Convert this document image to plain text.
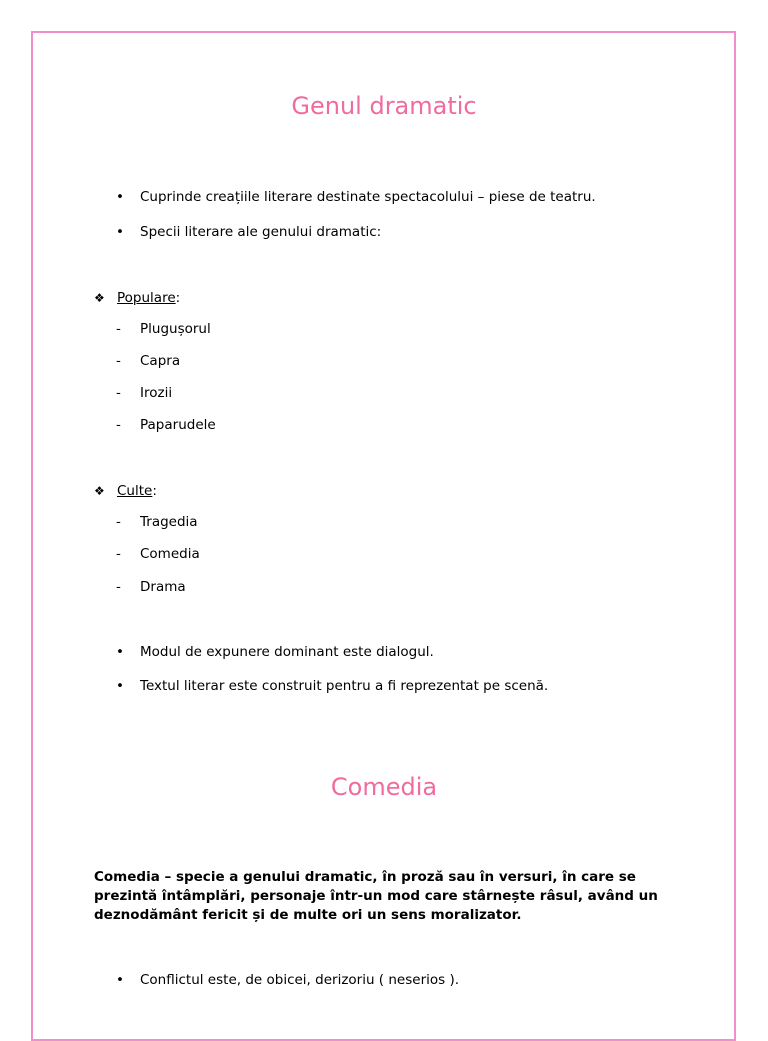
Genul dramatic
• Cuprinde creațiile literare destinate spectacolului – piese de teatru.
• Specii literare ale genului dramatic:
❖ Populare:
- Plugușorul
- Capra
- Irozii
- Paparudele
❖ Culte:
- Tragedia
- Comedia
- Drama
• Modul de expunere dominant este dialogul.
• Textul literar este construit pentru a fi reprezentat pe scenă.
Comedia

Comedia – specie a genului dramatic, în proză sau în versuri, în care se prezintă întâmplări, personaje într-un mod care stârnește râsul, având un deznodământ fericit și de multe ori un sens moralizator.

• Conflictul este, de obicei, derizoriu ( neserios ).
